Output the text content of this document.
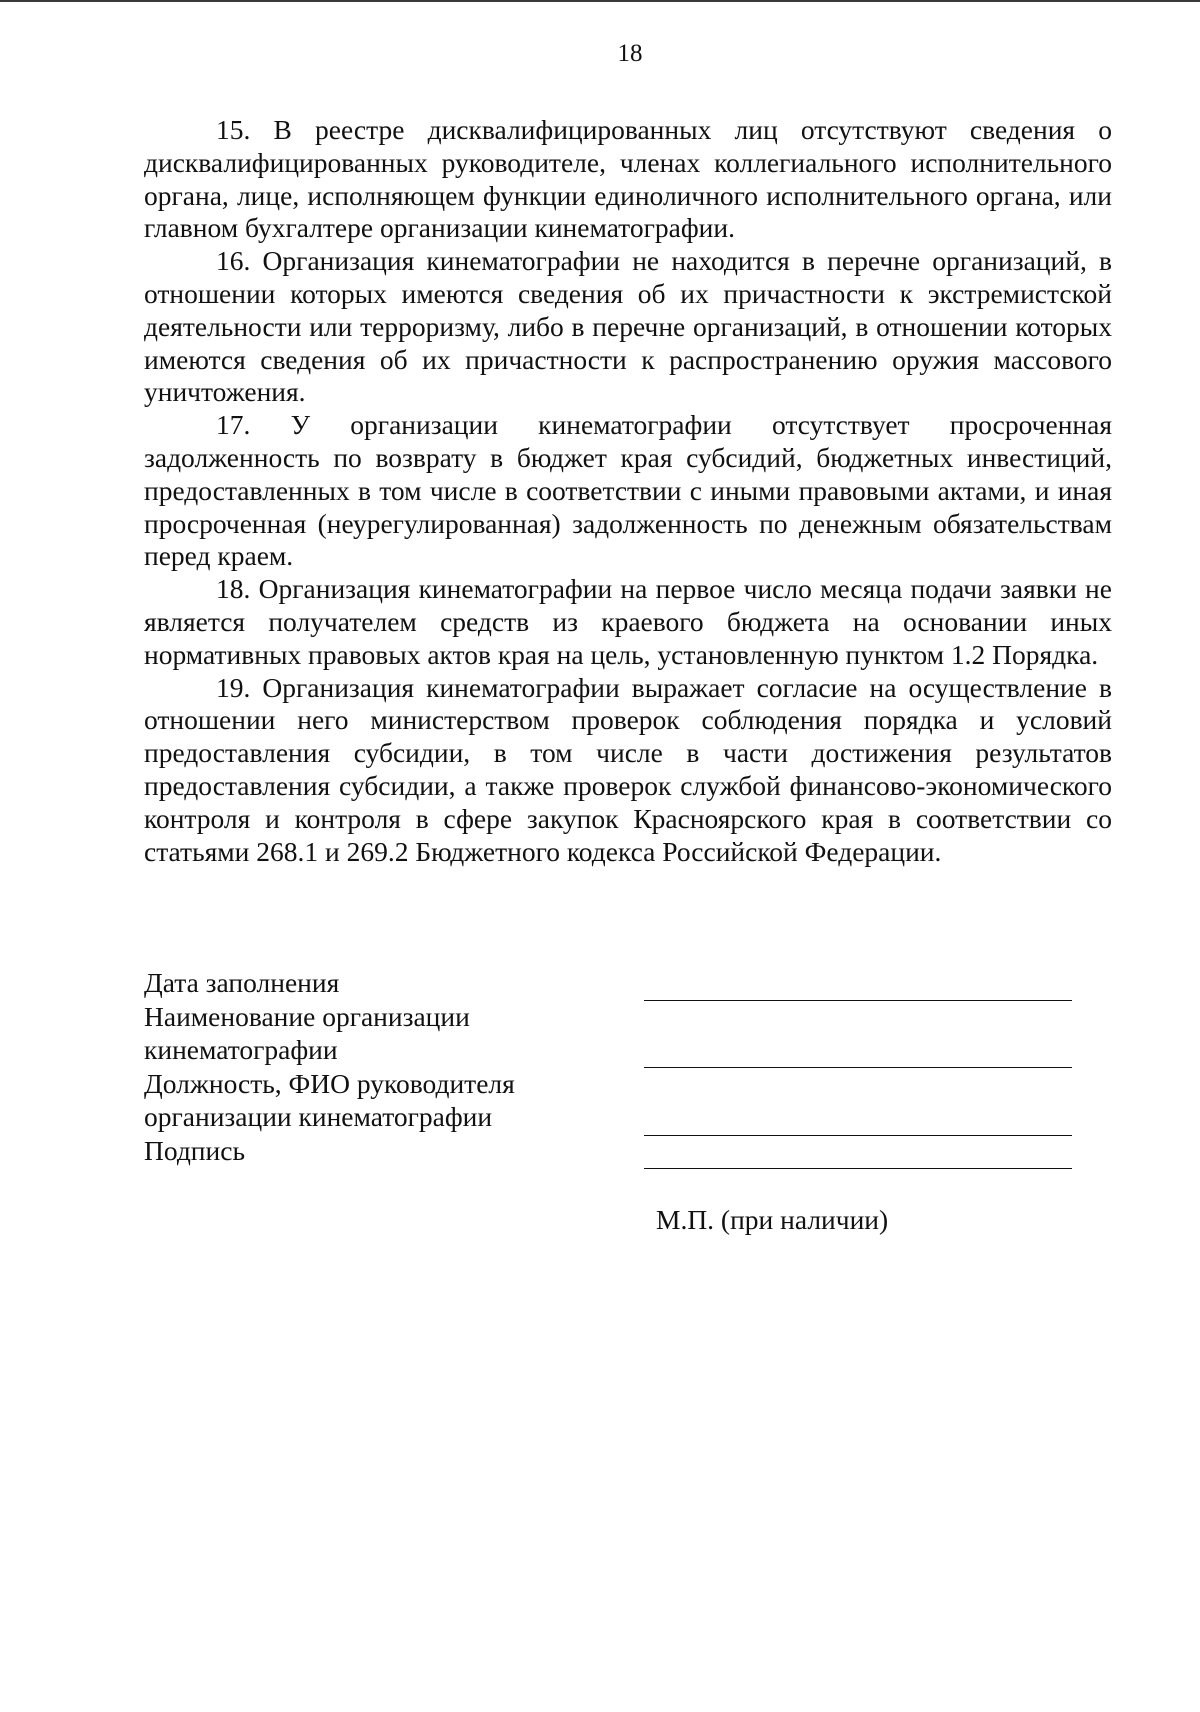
18

15. В реестре дисквалифицированных лиц отсутствуют сведения о дисквалифицированных руководителе, членах коллегиального исполнительного органа, лице, исполняющем функции единоличного исполнительного органа, или главном бухгалтере организации кинематографии.

16. Организация кинематографии не находится в перечне организаций, в отношении которых имеются сведения об их причастности к экстремистской деятельности или терроризму, либо в перечне организаций, в отношении которых имеются сведения об их причастности к распространению оружия массового уничтожения.

17. У организации кинематографии отсутствует просроченная задолженность по возврату в бюджет края субсидий, бюджетных инвестиций, предоставленных в том числе в соответствии с иными правовыми актами, и иная просроченная (неурегулированная) задолженность по денежным обязательствам перед краем.

18. Организация кинематографии на первое число месяца подачи заявки не является получателем средств из краевого бюджета на основании иных нормативных правовых актов края на цель, установленную пунктом 1.2 Порядка.

19. Организация кинематографии выражает согласие на осуществление в отношении него министерством проверок соблюдения порядка и условий предоставления субсидии, в том числе в части достижения результатов предоставления субсидии, а также проверок службой финансово-экономического контроля и контроля в сфере закупок Красноярского края в соответствии со статьями 268.1 и 269.2 Бюджетного кодекса Российской Федерации.

Дата заполнения
Наименование организации
кинематографии
Должность, ФИО руководителя
организации кинематографии
Подпись
М.П. (при наличии)
